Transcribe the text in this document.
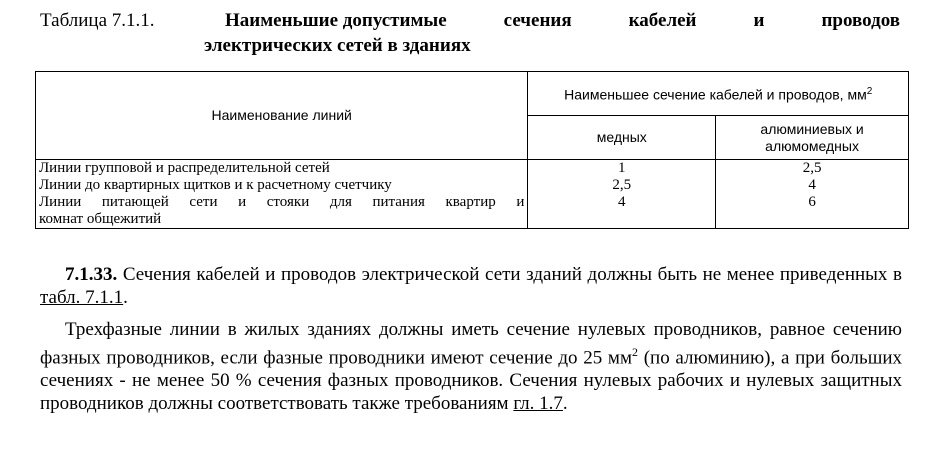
Таблица 7.1.1.	Наименьшие допустимые	сечения	кабелей	и	проводов
электрических сетей в зданиях
Наименование линий	Наименьшее сечение кабелей и проводов, $мм^2$
	медных	алюминиевых и алюмомедных
Линии групповой и распределительной сетей	1	2,5
Линии до квартирных щитков и к расчетному счетчику	2,5	4

Линии питающей сети и стояки для питания квартир и
комнат общежитий	4	6
7.1.33. Сечения кабелей и проводов электрической сети зданий должны быть не менее приведенных в табл. 7.1.1.
Трехфазные линии в жилых зданиях должны иметь сечение нулевых проводников, равное сечению фазных проводников, если фазные проводники имеют сечение до 25 $мм^2$ (по алюминию), а при больших сечениях - не менее 50 % сечения фазных проводников. Сечения нулевых рабочих и нулевых защитных проводников должны соответствовать также требованиям гл. 1.7.
